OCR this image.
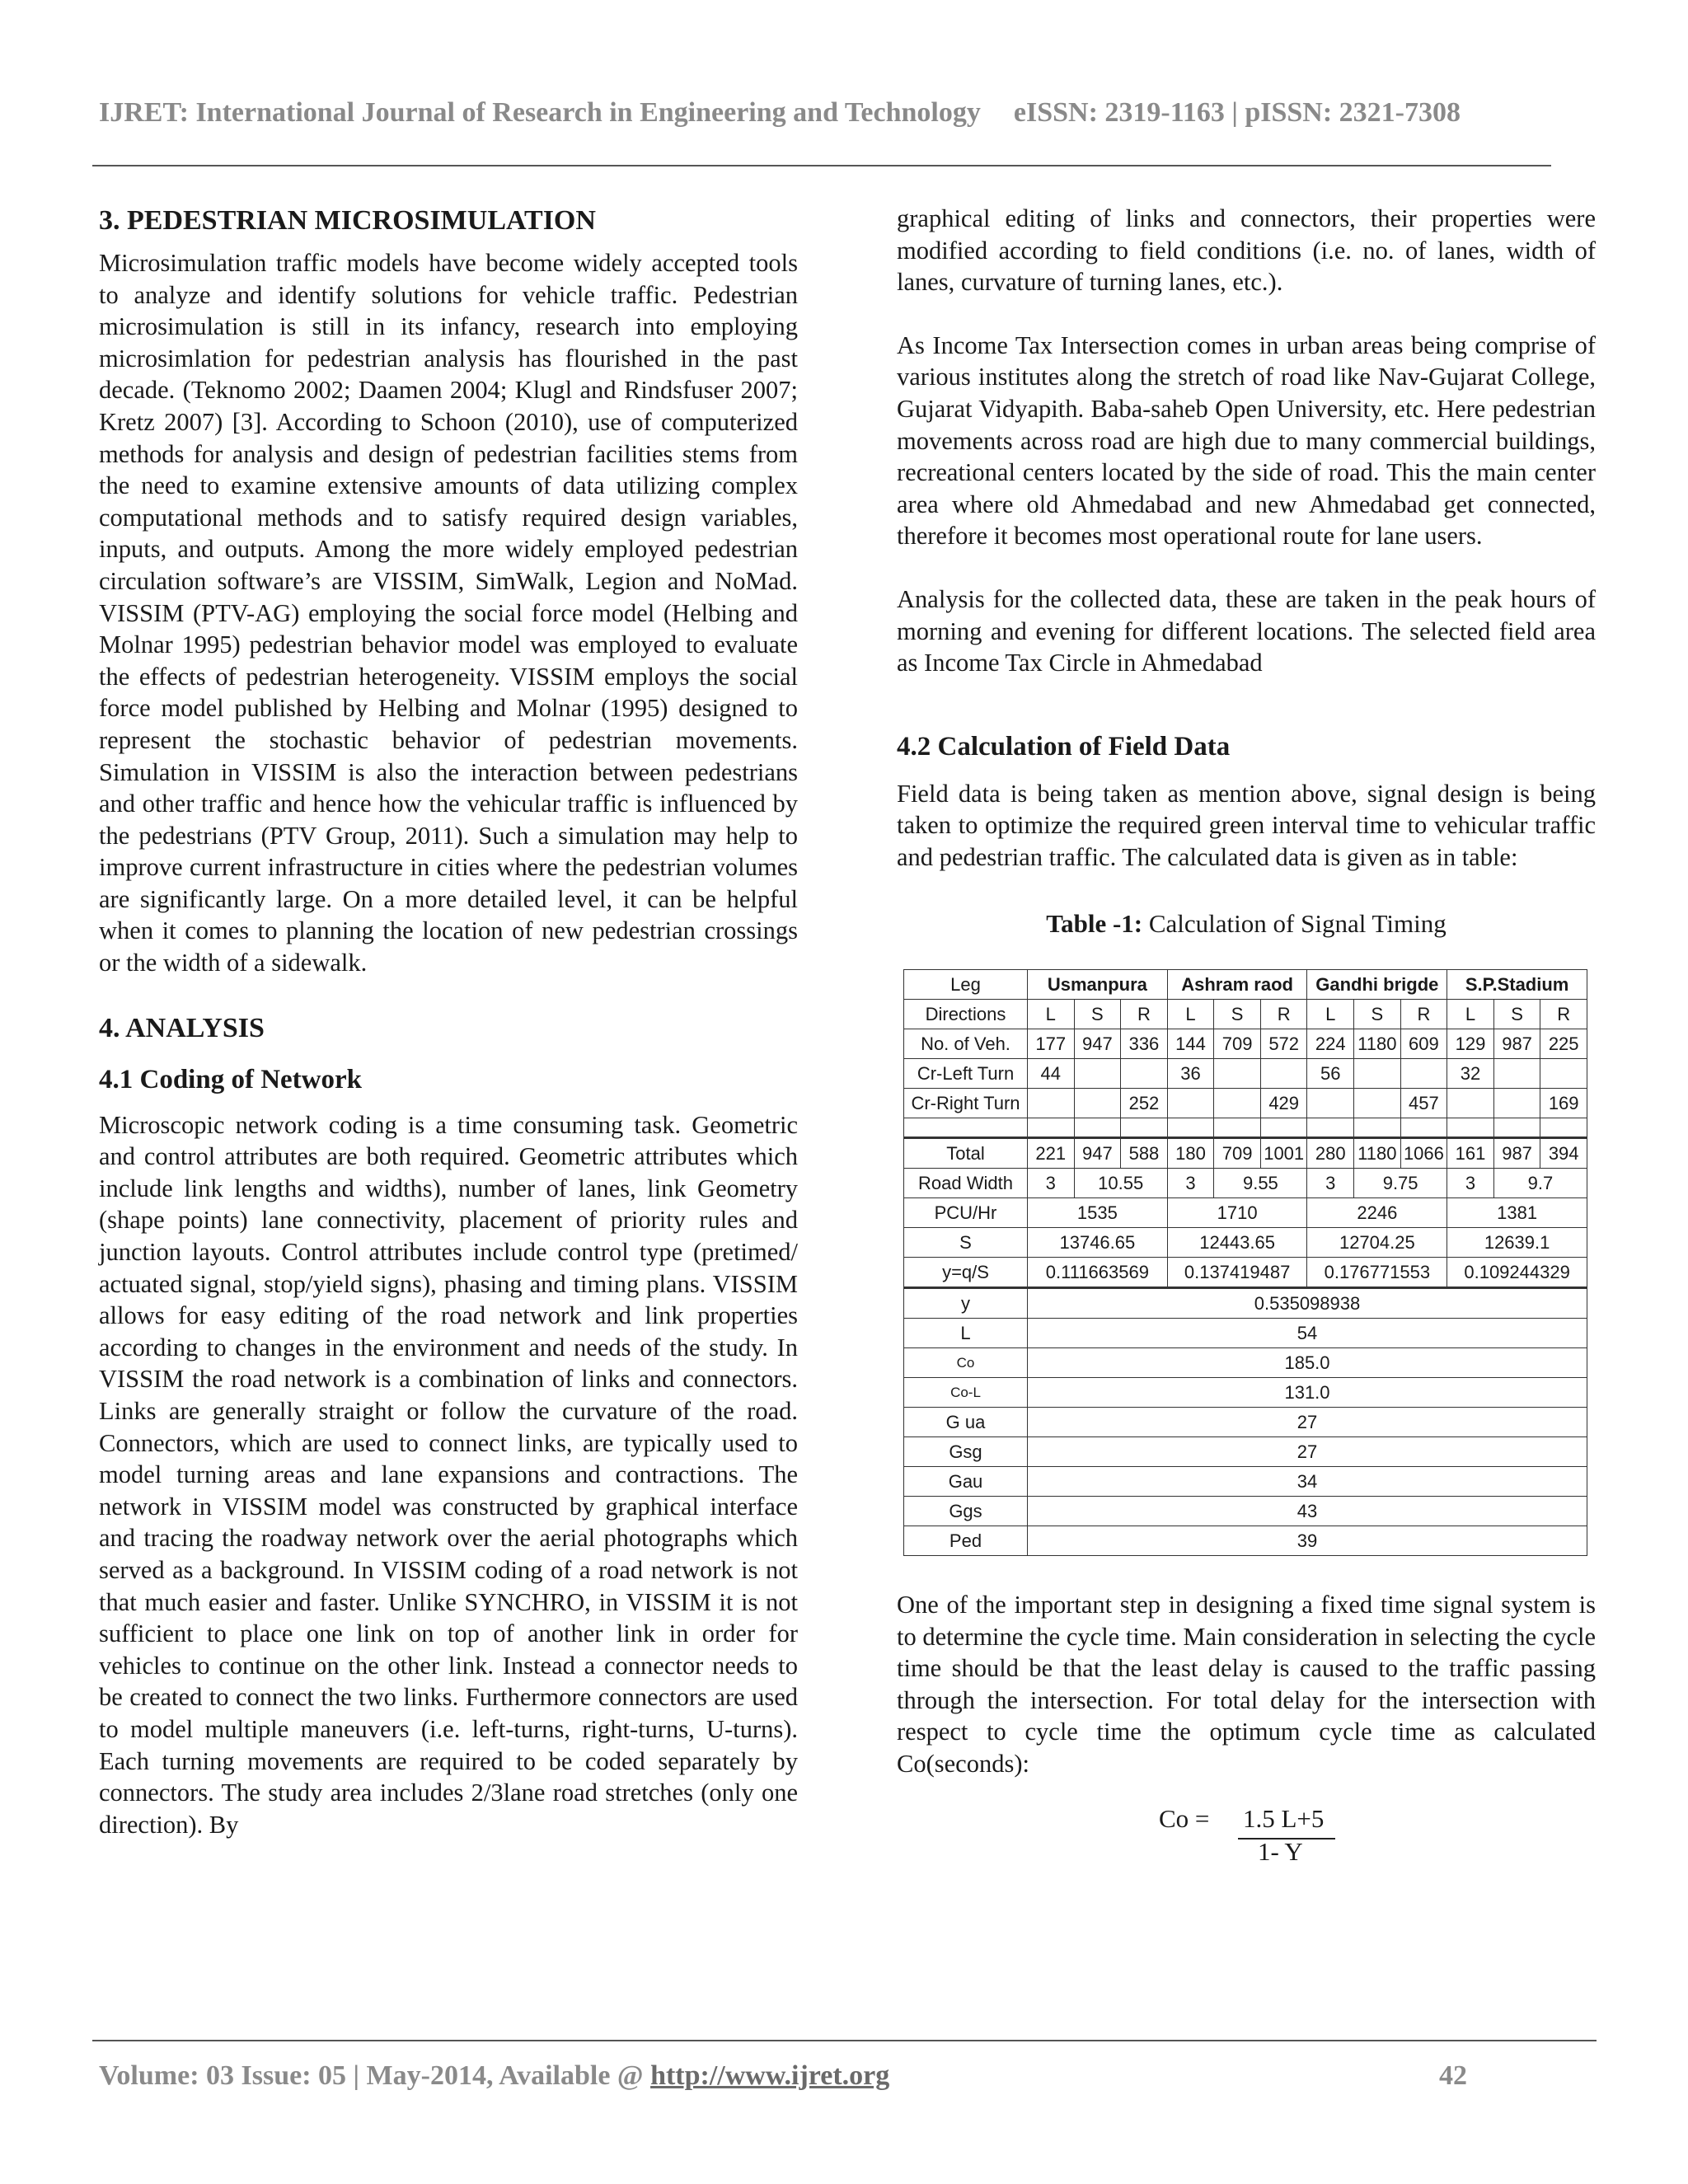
IJRET: International Journal of Research in Engineering and Technology eISSN: 2319-1163 | pISSN: 2321-7308
3. PEDESTRIAN MICROSIMULATION

Microsimulation traffic models have become widely accepted tools to analyze and identify solutions for vehicle traffic. Pedestrian microsimulation is still in its infancy, research into employing microsimlation for pedestrian analysis has flourished in the past decade. (Teknomo 2002; Daamen 2004; Klugl and Rindsfuser 2007; Kretz 2007) [3]. According to Schoon (2010), use of computerized methods for analysis and design of pedestrian facilities stems from the need to examine extensive amounts of data utilizing complex computational methods and to satisfy required design variables, inputs, and outputs. Among the more widely employed pedestrian circulation software’s are VISSIM, SimWalk, Legion and NoMad. VISSIM (PTV-AG) employing the social force model (Helbing and Molnar 1995) pedestrian behavior model was employed to evaluate the effects of pedestrian heterogeneity. VISSIM employs the social force model published by Helbing and Molnar (1995) designed to represent the stochastic behavior of pedestrian movements. Simulation in VISSIM is also the interaction between pedestrians and other traffic and hence how the vehicular traffic is influenced by the pedestrians (PTV Group, 2011). Such a simulation may help to improve current infrastructure in cities where the pedestrian volumes are significantly large. On a more detailed level, it can be helpful when it comes to planning the location of new pedestrian crossings or the width of a sidewalk.

4. ANALYSIS
4.1 Coding of Network

Microscopic network coding is a time consuming task. Geometric and control attributes are both required. Geometric attributes which include link lengths and widths), number of lanes, link Geometry (shape points) lane connectivity, placement of priority rules and junction layouts. Control attributes include control type (pretimed/ actuated signal, stop/yield signs), phasing and timing plans. VISSIM allows for easy editing of the road network and link properties according to changes in the environment and needs of the study. In VISSIM the road network is a combination of links and connectors. Links are generally straight or follow the curvature of the road. Connectors, which are used to connect links, are typically used to model turning areas and lane expansions and contractions. The network in VISSIM model was constructed by graphical interface and tracing the roadway network over the aerial photographs which served as a background. In VISSIM coding of a road network is not that much easier and faster. Unlike SYNCHRO, in VISSIM it is not sufficient to place one link on top of another link in order for vehicles to continue on the other link. Instead a connector needs to be created to connect the two links. Furthermore connectors are used to model multiple maneuvers (i.e. left-turns, right-turns, U-turns). Each turning movements are required to be coded separately by connectors. The study area includes 2/3lane road stretches (only one direction). By

graphical editing of links and connectors, their properties were modified according to field conditions (i.e. no. of lanes, width of lanes, curvature of turning lanes, etc.).

As Income Tax Intersection comes in urban areas being comprise of various institutes along the stretch of road like Nav-Gujarat College, Gujarat Vidyapith. Baba-saheb Open University, etc. Here pedestrian movements across road are high due to many commercial buildings, recreational centers located by the side of road. This the main center area where old Ahmedabad and new Ahmedabad get connected, therefore it becomes most operational route for lane users.

Analysis for the collected data, these are taken in the peak hours of morning and evening for different locations. The selected field area as Income Tax Circle in Ahmedabad

4.2 Calculation of Field Data

Field data is being taken as mention above, signal design is being taken to optimize the required green interval time to vehicular traffic and pedestrian traffic. The calculated data is given as in table:

Table -1: Calculation of Signal Timing
Leg	Usmanpura			Ashram raod			Gandhi brigde			S.P.Stadium		
Directions	L	S	R	L	S	R	L	S	R	L	S	R
No. of Veh.	177	947	336	144	709	572	224	1180	609	129	987	225
Cr-Left Turn	44			36			56			32		
Cr-Right Turn			252			429			457			169

Total	221	947	588	180	709	1001	280	1180	1066	161	987	394
Road Width	3	10.55		3	9.55		3	9.75		3	9.7	
PCU/Hr	1535			1710			2246			1381		
S	13746.65			12443.65			12704.25			12639.1		
y=q/S	0.111663569			0.137419487			0.176771553			0.109244329		
y	0.535098938											
L	54											
Co	185.0											
Co-L	131.0											
G ua	27											
Gsg	27											
Gau	34											
Ggs	43											
Ped	39											

One of the important step in designing a fixed time signal system is to determine the cycle time. Main consideration in selecting the cycle time should be that the least delay is caused to the traffic passing through the intersection. For total delay for the intersection with respect to cycle time the optimum cycle time as calculated Co(seconds):

Co = 1.5 L+5
1- Y
Volume: 03 Issue: 05 | May-2014, Available @ http://www.ijret.org	42
